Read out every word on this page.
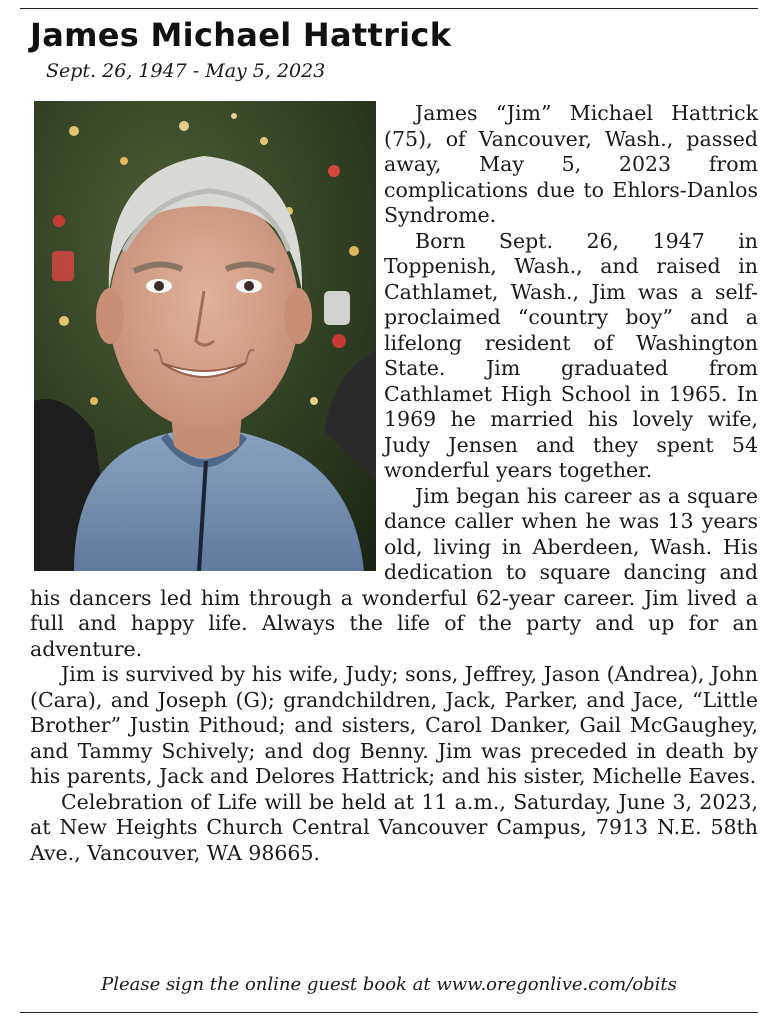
James Michael Hattrick
Sept. 26, 1947 - May 5, 2023

James “Jim” Michael Hattrick (75), of Vancouver, Wash., passed away, May 5, 2023 from complications due to Ehlors-Danlos Syndrome.

Born Sept. 26, 1947 in Toppenish, Wash., and raised in Cathlamet, Wash., Jim was a self-proclaimed “country boy” and a lifelong resident of Washington State. Jim graduated from Cathlamet High School in 1965. In 1969 he married his lovely wife, Judy Jensen and they spent 54 wonderful years together.

Jim began his career as a square dance caller when he was 13 years old, living in Aberdeen, Wash. His dedication to square dancing and his dancers led him through a wonderful 62-year career. Jim lived a full and happy life. Always the life of the party and up for an adventure.

Jim is survived by his wife, Judy; sons, Jeffrey, Jason (Andrea), John (Cara), and Joseph (G); grandchildren, Jack, Parker, and Jace, “Little Brother” Justin Pithoud; and sisters, Carol Danker, Gail McGaughey, and Tammy Schively; and dog Benny. Jim was preceded in death by his parents, Jack and Delores Hattrick; and his sister, Michelle Eaves.

Celebration of Life will be held at 11 a.m., Saturday, June 3, 2023, at New Heights Church Central Vancouver Campus, 7913 N.E. 58th Ave., Vancouver, WA 98665.

Please sign the online guest book at www.oregonlive.com/obits
